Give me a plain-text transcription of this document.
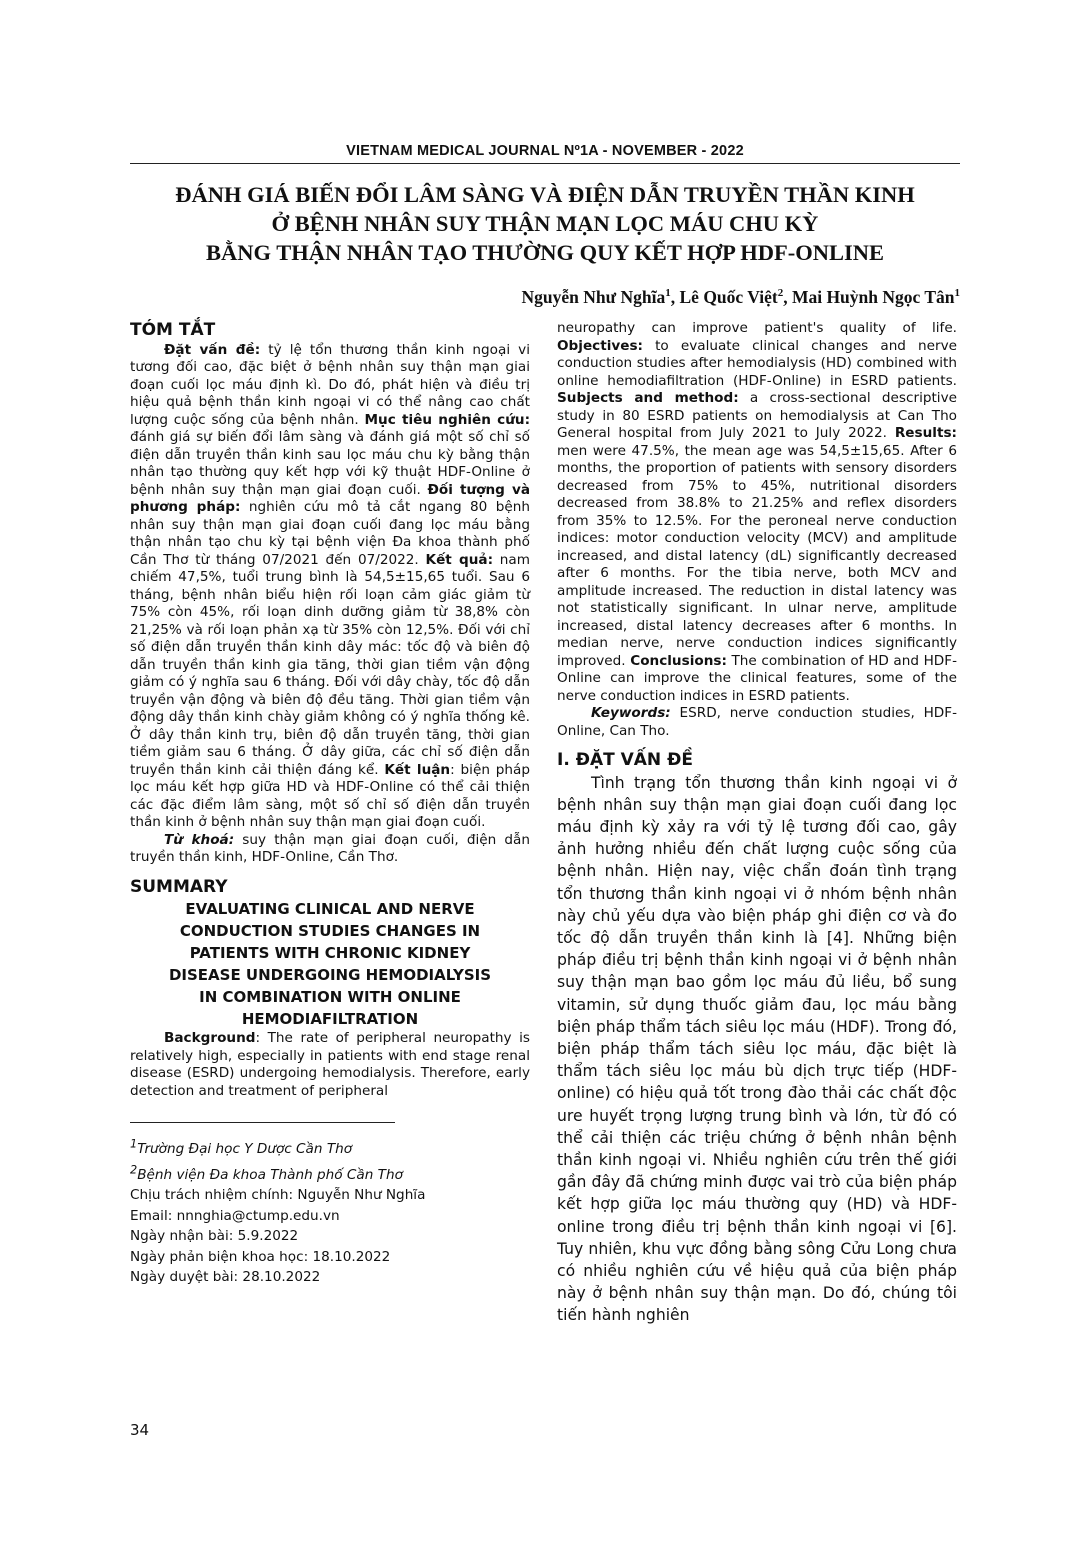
VIETNAM MEDICAL JOURNAL Nº1A - NOVEMBER - 2022
ĐÁNH GIÁ BIẾN ĐỔI LÂM SÀNG VÀ ĐIỆN DẪN TRUYỀN THẦN KINH
Ở BỆNH NHÂN SUY THẬN MẠN LỌC MÁU CHU KỲ
BẰNG THẬN NHÂN TẠO THƯỜNG QUY KẾT HỢP HDF-ONLINE
Nguyễn Như Nghĩa$^1$, Lê Quốc Việt$^2$, Mai Huỳnh Ngọc Tân$^1$
TÓM TẮT

Đặt vấn đề: tỷ lệ tổn thương thần kinh ngoại vi tương đối cao, đặc biệt ở bệnh nhân suy thận mạn giai đoạn cuối lọc máu định kì. Do đó, phát hiện và điều trị hiệu quả bệnh thần kinh ngoại vi có thể nâng cao chất lượng cuộc sống của bệnh nhân. Mục tiêu nghiên cứu: đánh giá sự biến đổi lâm sàng và đánh giá một số chỉ số điện dẫn truyền thần kinh sau lọc máu chu kỳ bằng thận nhân tạo thường quy kết hợp với kỹ thuật HDF-Online ở bệnh nhân suy thận mạn giai đoạn cuối. Đối tượng và phương pháp: nghiên cứu mô tả cắt ngang 80 bệnh nhân suy thận mạn giai đoạn cuối đang lọc máu bằng thận nhân tạo chu kỳ tại bệnh viện Đa khoa thành phố Cần Thơ từ tháng 07/2021 đến 07/2022. Kết quả: nam chiếm 47,5%, tuổi trung bình là 54,5±15,65 tuổi. Sau 6 tháng, bệnh nhân biểu hiện rối loạn cảm giác giảm từ 75% còn 45%, rối loạn dinh dưỡng giảm từ 38,8% còn 21,25% và rối loạn phản xạ từ 35% còn 12,5%. Đối với chỉ số điện dẫn truyền thần kinh dây mác: tốc độ và biên độ dẫn truyền thần kinh gia tăng, thời gian tiềm vận động giảm có ý nghĩa sau 6 tháng. Đối với dây chày, tốc độ dẫn truyền vận động và biên độ đều tăng. Thời gian tiềm vận động dây thần kinh chày giảm không có ý nghĩa thống kê. Ở dây thần kinh trụ, biên độ dẫn truyền tăng, thời gian tiềm giảm sau 6 tháng. Ở dây giữa, các chỉ số điện dẫn truyền thần kinh cải thiện đáng kể. Kết luận: biện pháp lọc máu kết hợp giữa HD và HDF-Online có thể cải thiện các đặc điểm lâm sàng, một số chỉ số điện dẫn truyền thần kinh ở bệnh nhân suy thận mạn giai đoạn cuối.

Từ khoá: suy thận mạn giai đoạn cuối, điện dẫn truyền thần kinh, HDF-Online, Cần Thơ.

SUMMARY
EVALUATING CLINICAL AND NERVE
CONDUCTION STUDIES CHANGES IN
PATIENTS WITH CHRONIC KIDNEY
DISEASE UNDERGOING HEMODIALYSIS
IN COMBINATION WITH ONLINE
HEMODIAFILTRATION

Background: The rate of peripheral neuropathy is relatively high, especially in patients with end stage renal disease (ESRD) undergoing hemodialysis. Therefore, early detection and treatment of peripheral

$^1$Trường Đại học Y Dược Cần Thơ
$^2$Bệnh viện Đa khoa Thành phố Cần Thơ
Chịu trách nhiệm chính: Nguyễn Như Nghĩa
Email: nnnghia@ctump.edu.vn
Ngày nhận bài: 5.9.2022
Ngày phản biện khoa học: 18.10.2022
Ngày duyệt bài: 28.10.2022

neuropathy can improve patient's quality of life. Objectives: to evaluate clinical changes and nerve conduction studies after hemodialysis (HD) combined with online hemodiafiltration (HDF-Online) in ESRD patients. Subjects and method: a cross-sectional descriptive study in 80 ESRD patients on hemodialysis at Can Tho General hospital from July 2021 to July 2022. Results: men were 47.5%, the mean age was 54,5±15,65. After 6 months, the proportion of patients with sensory disorders decreased from 75% to 45%, nutritional disorders decreased from 38.8% to 21.25% and reflex disorders from 35% to 12.5%. For the peroneal nerve conduction indices: motor conduction velocity (MCV) and amplitude increased, and distal latency (dL) significantly decreased after 6 months. For the tibia nerve, both MCV and amplitude increased. The reduction in distal latency was not statistically significant. In ulnar nerve, amplitude increased, distal latency decreases after 6 months. In median nerve, nerve conduction indices significantly improved. Conclusions: The combination of HD and HDF-Online can improve the clinical features, some of the nerve conduction indices in ESRD patients.

Keywords: ESRD, nerve conduction studies, HDF-Online, Can Tho.

I. ĐẶT VẤN ĐỀ

Tình trạng tổn thương thần kinh ngoại vi ở bệnh nhân suy thận mạn giai đoạn cuối đang lọc máu định kỳ xảy ra với tỷ lệ tương đối cao, gây ảnh hưởng nhiều đến chất lượng cuộc sống của bệnh nhân. Hiện nay, việc chẩn đoán tình trạng tổn thương thần kinh ngoại vi ở nhóm bệnh nhân này chủ yếu dựa vào biện pháp ghi điện cơ và đo tốc độ dẫn truyền thần kinh là [4]. Những biện pháp điều trị bệnh thần kinh ngoại vi ở bệnh nhân suy thận mạn bao gồm lọc máu đủ liều, bổ sung vitamin, sử dụng thuốc giảm đau, lọc máu bằng biện pháp thẩm tách siêu lọc máu (HDF). Trong đó, biện pháp thẩm tách siêu lọc máu, đặc biệt là thẩm tách siêu lọc máu bù dịch trực tiếp (HDF-online) có hiệu quả tốt trong đào thải các chất độc ure huyết trọng lượng trung bình và lớn, từ đó có thể cải thiện các triệu chứng ở bệnh nhân bệnh thần kinh ngoại vi. Nhiều nghiên cứu trên thế giới gần đây đã chứng minh được vai trò của biện pháp kết hợp giữa lọc máu thường quy (HD) và HDF-online trong điều trị bệnh thần kinh ngoại vi [6]. Tuy nhiên, khu vực đồng bằng sông Cửu Long chưa có nhiều nghiên cứu về hiệu quả của biện pháp này ở bệnh nhân suy thận mạn. Do đó, chúng tôi tiến hành nghiên

34
